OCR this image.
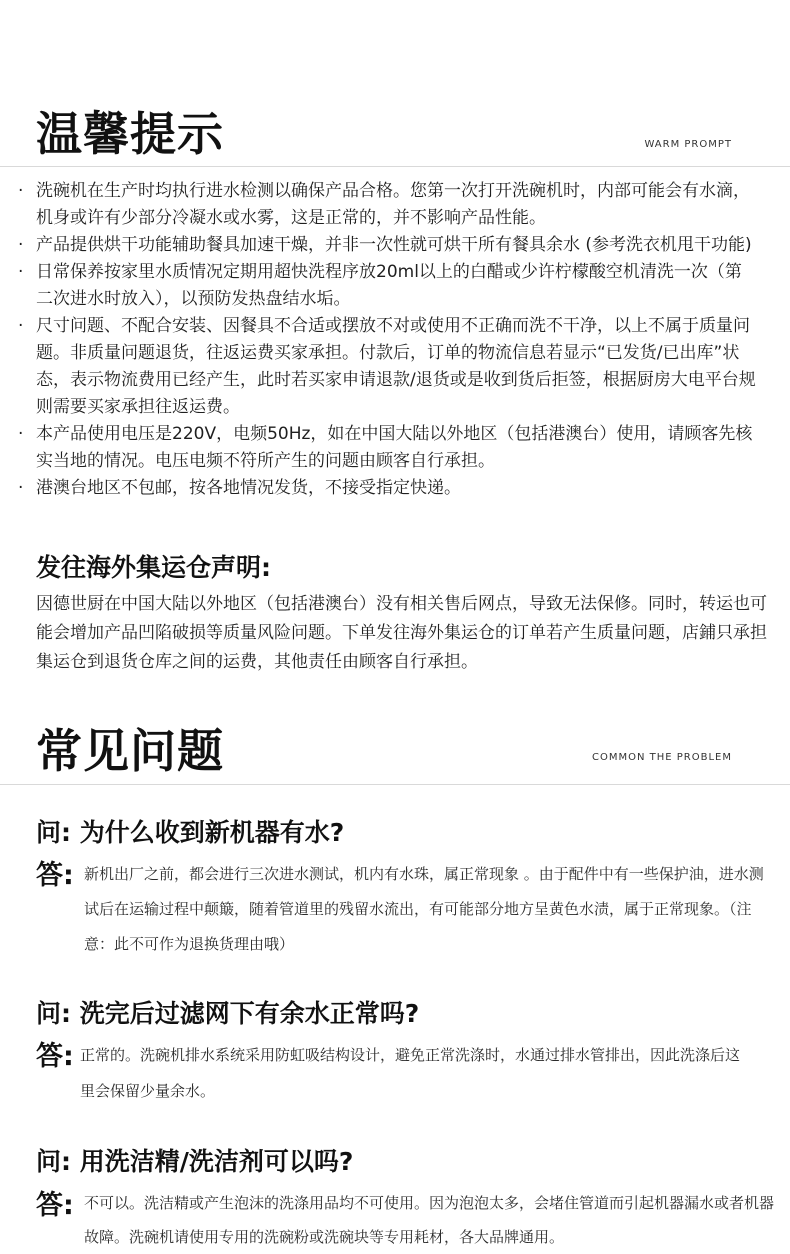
温馨提示	WARM PROMPT
· 洗碗机在生产时均执行进水检测以确保产品合格。您第一次打开洗碗机时，内部可能会有水滴，机身或许有少部分冷凝水或水雾，这是正常的，并不影响产品性能。
· 产品提供烘干功能辅助餐具加速干燥，并非一次性就可烘干所有餐具余水 (参考洗衣机甩干功能)
· 日常保养按家里水质情况定期用超快洗程序放20ml以上的白醋或少许柠檬酸空机清洗一次（第二次进水时放入），以预防发热盘结水垢。
· 尺寸问题、不配合安装、因餐具不合适或摆放不对或使用不正确而洗不干净，以上不属于质量问题。非质量问题退货，往返运费买家承担。付款后，订单的物流信息若显示“已发货/已出库”状态，表示物流费用已经产生，此时若买家申请退款/退货或是收到货后拒签，根据厨房大电平台规则需要买家承担往返运费。
· 本产品使用电压是220V，电频50Hz，如在中国大陆以外地区（包括港澳台）使用，请顾客先核实当地的情况。电压电频不符所产生的问题由顾客自行承担。
· 港澳台地区不包邮，按各地情况发货，不接受指定快递。
发往海外集运仓声明:

因德世厨在中国大陆以外地区（包括港澳台）没有相关售后网点，导致无法保修。同时，转运也可能会增加产品凹陷破损等质量风险问题。下单发往海外集运仓的订单若产生质量问题，店鋪只承担集运仓到退货仓库之间的运费，其他责任由顾客自行承担。

常见问题	COMMON THE PROBLEM
问: 为什么收到新机器有水?
答: 新机出厂之前，都会进行三次进水测试，机内有水珠，属正常现象 。由于配件中有一些保护油，进水测试后在运输过程中颠簸，随着管道里的残留水流出，有可能部分地方呈黄色水渍，属于正常现象。（注意：此不可作为退换货理由哦）

问: 洗完后过滤网下有余水正常吗?
答: 正常的。洗碗机排水系统采用防虹吸结构设计，避免正常洗涤时，水通过排水管排出，因此洗涤后这里会保留少量余水。

问: 用洗洁精/洗洁剂可以吗?
答: 不可以。洗洁精或产生泡沫的洗涤用品均不可使用。因为泡泡太多，会堵住管道而引起机器漏水或者机器故障。洗碗机请使用专用的洗碗粉或洗碗块等专用耗材，各大品牌通用。
